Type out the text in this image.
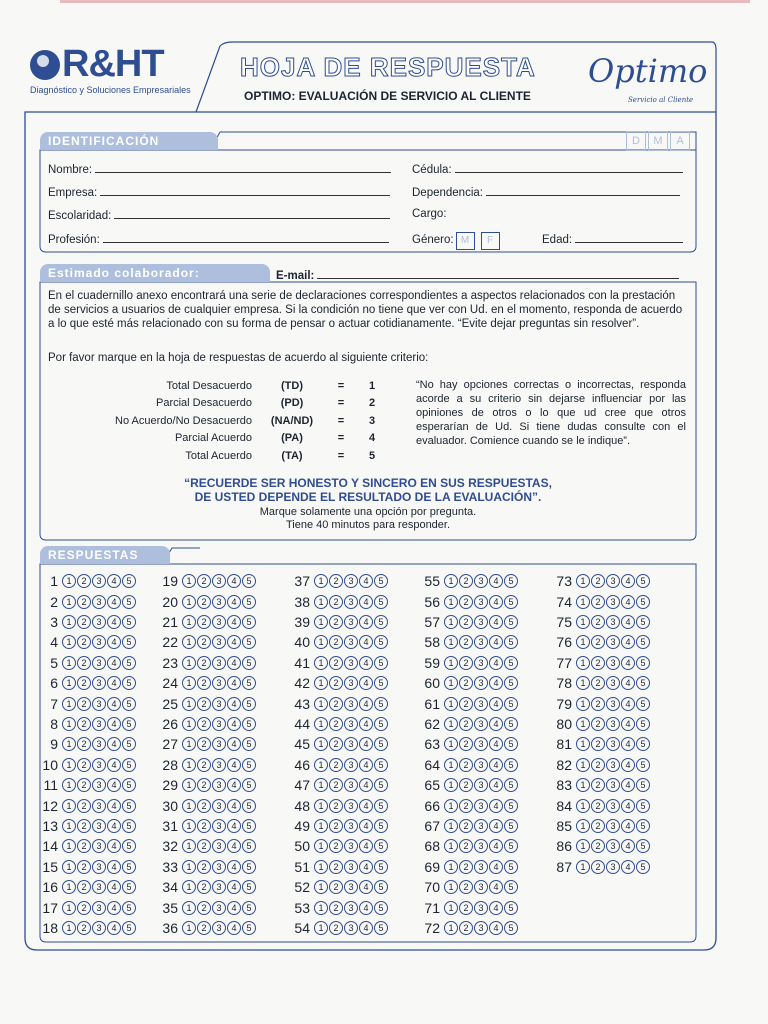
R&HT
Diagnóstico y Soluciones Empresariales
HOJA DE RESPUESTA
OPTIMO: EVALUACIÓN DE SERVICIO AL CLIENTE
Optimo
Servicio al Cliente
IDENTIFICACIÓN	D	M	A
Nombre:
Empresa:
Escolaridad:
Profesión:
Cédula:
Dependencia:
Cargo:
Género: M	F	Edad:
Estimado colaborador:	E-mail:
En el cuadernillo anexo encontrará una serie de declaraciones correspondientes a aspectos relacionados con la prestación de servicios a usuarios de cualquier empresa. Si la condición no tiene que ver con Ud. en el momento, responda de acuerdo a lo que esté más relacionado con su forma de pensar o actuar cotidianamente. “Evite dejar preguntas sin resolver”.
Por favor marque en la hoja de respuestas de acuerdo al siguiente criterio:
Total Desacuerdo	(TD)	=	1
Parcial Desacuerdo	(PD)	=	2
No Acuerdo/No Desacuerdo	(NA/ND)	=	3
Parcial Acuerdo	(PA)	=	4
Total Acuerdo	(TA)	=	5
“No hay opciones correctas o incorrectas, responda acorde a su criterio sin dejarse influenciar por las opiniones de otros o lo que ud cree que otros esperarían de Ud. Si tiene dudas consulte con el evaluador. Comience cuando se le indique”.
“RECUERDE SER HONESTO Y SINCERO EN SUS RESPUESTAS,
DE USTED DEPENDE EL RESULTADO DE LA EVALUACIÓN”.
Marque solamente una opción por pregunta.
Tiene 40 minutos para responder.
RESPUESTAS
1 1	2	3	4	5
2 1	2	3	4	5
3 1	2	3	4	5
4 1	2	3	4	5
5 1	2	3	4	5
6 1	2	3	4	5
7 1	2	3	4	5
8 1	2	3	4	5
9 1	2	3	4	5
10 1	2	3	4	5
11 1	2	3	4	5
12 1	2	3	4	5
13 1	2	3	4	5
14 1	2	3	4	5
15 1	2	3	4	5
16 1	2	3	4	5
17 1	2	3	4	5
18 1	2	3	4	5
19 1	2	3	4	5
20 1	2	3	4	5
21 1	2	3	4	5
22 1	2	3	4	5
23 1	2	3	4	5
24 1	2	3	4	5
25 1	2	3	4	5
26 1	2	3	4	5
27 1	2	3	4	5
28 1	2	3	4	5
29 1	2	3	4	5
30 1	2	3	4	5
31 1	2	3	4	5
32 1	2	3	4	5
33 1	2	3	4	5
34 1	2	3	4	5
35 1	2	3	4	5
36 1	2	3	4	5
37 1	2	3	4	5
38 1	2	3	4	5
39 1	2	3	4	5
40 1	2	3	4	5
41 1	2	3	4	5
42 1	2	3	4	5
43 1	2	3	4	5
44 1	2	3	4	5
45 1	2	3	4	5
46 1	2	3	4	5
47 1	2	3	4	5
48 1	2	3	4	5
49 1	2	3	4	5
50 1	2	3	4	5
51 1	2	3	4	5
52 1	2	3	4	5
53 1	2	3	4	5
54 1	2	3	4	5
55 1	2	3	4	5
56 1	2	3	4	5
57 1	2	3	4	5
58 1	2	3	4	5
59 1	2	3	4	5
60 1	2	3	4	5
61 1	2	3	4	5
62 1	2	3	4	5
63 1	2	3	4	5
64 1	2	3	4	5
65 1	2	3	4	5
66 1	2	3	4	5
67 1	2	3	4	5
68 1	2	3	4	5
69 1	2	3	4	5
70 1	2	3	4	5
71 1	2	3	4	5
72 1	2	3	4	5
73 1	2	3	4	5
74 1	2	3	4	5
75 1	2	3	4	5
76 1	2	3	4	5
77 1	2	3	4	5
78 1	2	3	4	5
79 1	2	3	4	5
80 1	2	3	4	5
81 1	2	3	4	5
82 1	2	3	4	5
83 1	2	3	4	5
84 1	2	3	4	5
85 1	2	3	4	5
86 1	2	3	4	5
87 1	2	3	4	5
